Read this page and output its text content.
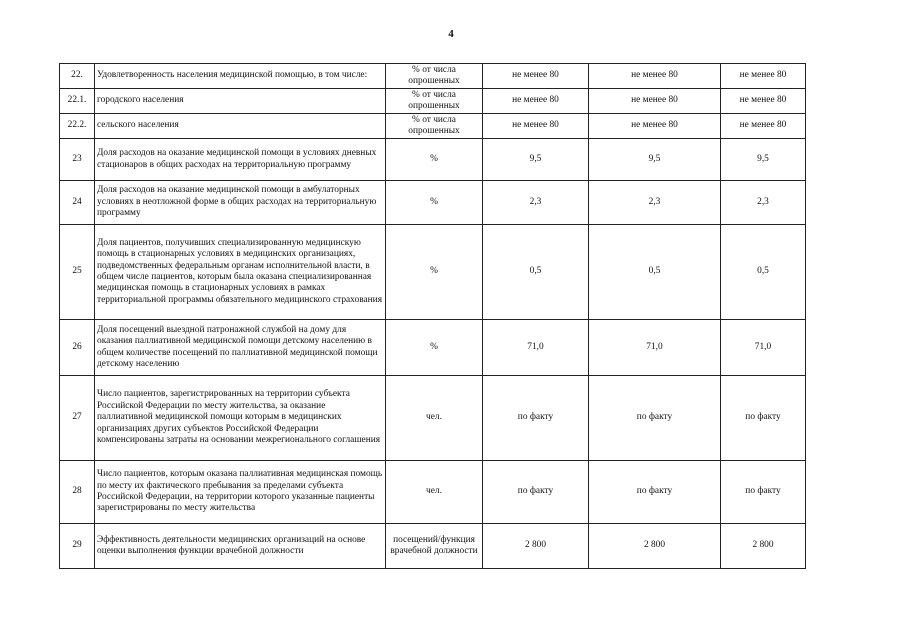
4
22.	Удовлетворенность населения медицинской помощью, в том числе:	% от числа опрошенных	не менее 80	не менее 80	не менее 80
22.1.	городского населения	% от числа опрошенных	не менее 80	не менее 80	не менее 80
22.2.	сельского населения	% от числа опрошенных	не менее 80	не менее 80	не менее 80
23	Доля расходов на оказание медицинской помощи в условиях дневных стационаров в общих расходах на территориальную программу	%	9,5	9,5	9,5
24	Доля расходов на оказание медицинской помощи в амбулаторных условиях в неотложной форме в общих расходах на территориальную программу	%	2,3	2,3	2,3
25	Доля пациентов, получивших специализированную медицинскую помощь в стационарных условиях в медицинских организациях, подведомственных федеральным органам исполнительной власти, в общем числе пациентов, которым была оказана специализированная медицинская помощь в стационарных условиях в рамках территориальной программы обязательного медицинского страхования	%	0,5	0,5	0,5
26	Доля посещений выездной патронажной службой на дому для оказания паллиативной медицинской помощи детскому населению в общем количестве посещений по паллиативной медицинской помощи детскому населению	%	71,0	71,0	71,0
27	Число пациентов, зарегистрированных на территории субъекта Российской Федерации по месту жительства, за оказание паллиативной медицинской помощи которым в медицинских организациях других субъектов Российской Федерации компенсированы затраты на основании межрегионального соглашения	чел.	по факту	по факту	по факту
28	Число пациентов, которым оказана паллиативная медицинская помощь по месту их фактического пребывания за пределами субъекта Российской Федерации, на территории которого указанные пациенты зарегистрированы по месту жительства	чел.	по факту	по факту	по факту
29	Эффективность деятельности медицинских организаций на основе оценки выполнения функции врачебной должности	посещений/функция врачебной должности	2 800	2 800	2 800
